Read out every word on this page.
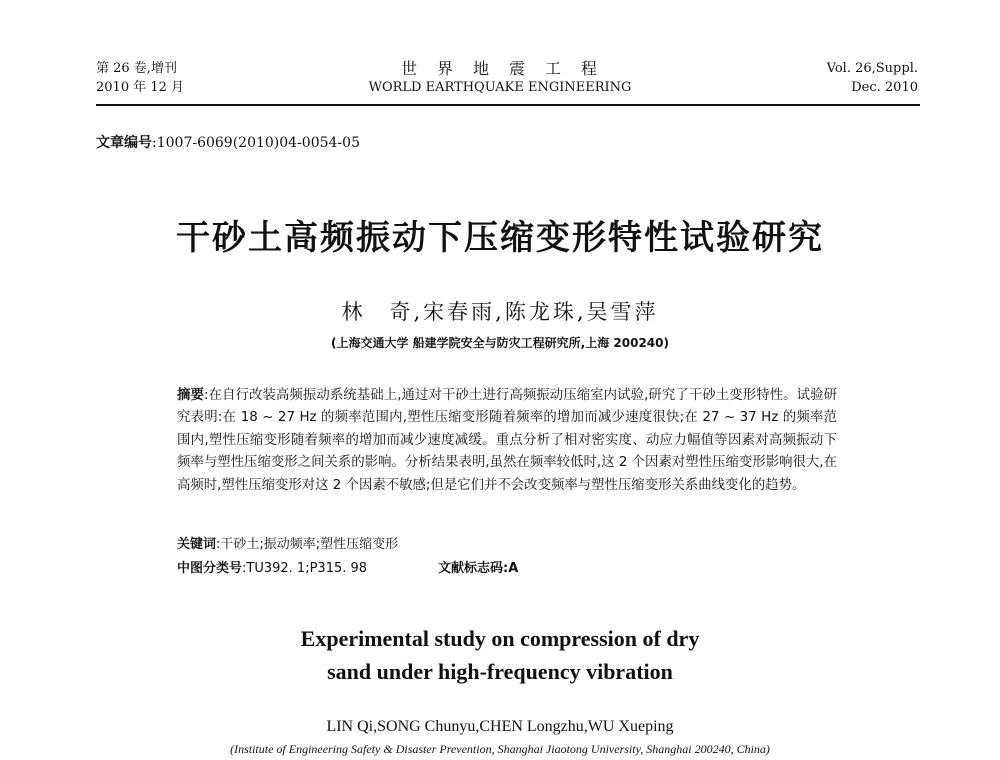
第 26 卷,增刊
2010 年 12 月
世　界　地　震　工　程
WORLD EARTHQUAKE ENGINEERING
Vol. 26,Suppl.
Dec. 2010
文章编号:1007-6069(2010)04-0054-05
干砂土高频振动下压缩变形特性试验研究
林　奇,宋春雨,陈龙珠,吴雪萍
(上海交通大学 船建学院安全与防灾工程研究所,上海 200240)
摘要:在自行改装高频振动系统基础上,通过对干砂土进行高频振动压缩室内试验,研究了干砂土变形特性。试验研究表明:在 18 ~ 27 Hz 的频率范围内,塑性压缩变形随着频率的增加而减少速度很快;在 27 ~ 37 Hz 的频率范围内,塑性压缩变形随着频率的增加而减少速度减缓。重点分析了相对密实度、动应力幅值等因素对高频振动下频率与塑性压缩变形之间关系的影响。分析结果表明,虽然在频率较低时,这 2 个因素对塑性压缩变形影响很大,在高频时,塑性压缩变形对这 2 个因素不敏感;但是它们并不会改变频率与塑性压缩变形关系曲线变化的趋势。
关键词:干砂土;振动频率;塑性压缩变形
中图分类号:TU392. 1;P315. 98	文献标志码:A
Experimental study on compression of dry
sand under high-frequency vibration
LIN Qi,SONG Chunyu,CHEN Longzhu,WU Xueping
(Institute of Engineering Safety & Disaster Prevention, Shanghai Jiaotong University, Shanghai 200240, China)
